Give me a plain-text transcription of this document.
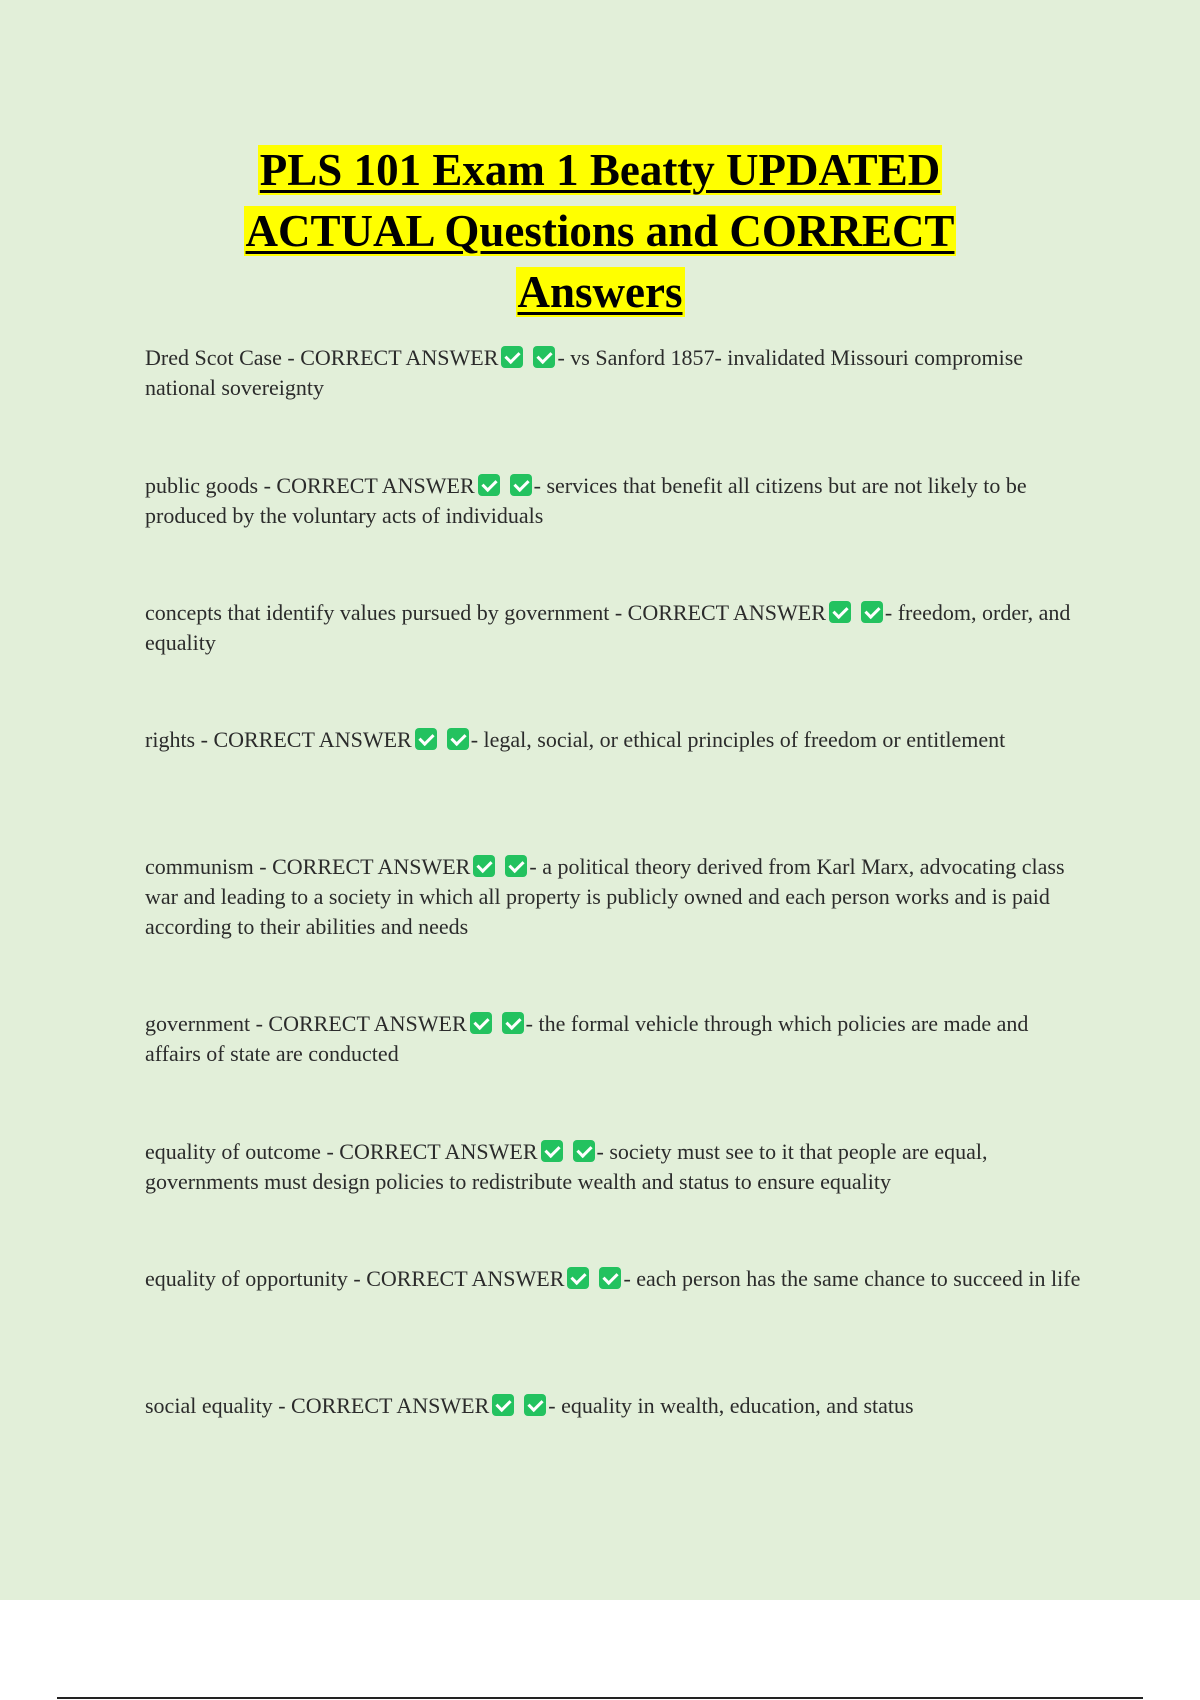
PLS 101 Exam 1 Beatty UPDATED
ACTUAL Questions and CORRECT
Answers

Dred Scot Case - CORRECT ANSWER	- vs Sanford 1857- invalidated Missouri compromise national sovereignty

public goods - CORRECT ANSWER	- services that benefit all citizens but are not likely to be produced by the voluntary acts of individuals

concepts that identify values pursued by government - CORRECT ANSWER	- freedom, order, and equality

rights - CORRECT ANSWER	- legal, social, or ethical principles of freedom or entitlement

communism - CORRECT ANSWER	- a political theory derived from Karl Marx, advocating class war and leading to a society in which all property is publicly owned and each person works and is paid according to their abilities and needs

government - CORRECT ANSWER	- the formal vehicle through which policies are made and affairs of state are conducted

equality of outcome - CORRECT ANSWER	- society must see to it that people are equal, governments must design policies to redistribute wealth and status to ensure equality

equality of opportunity - CORRECT ANSWER	- each person has the same chance to succeed in life

social equality - CORRECT ANSWER	- equality in wealth, education, and status
